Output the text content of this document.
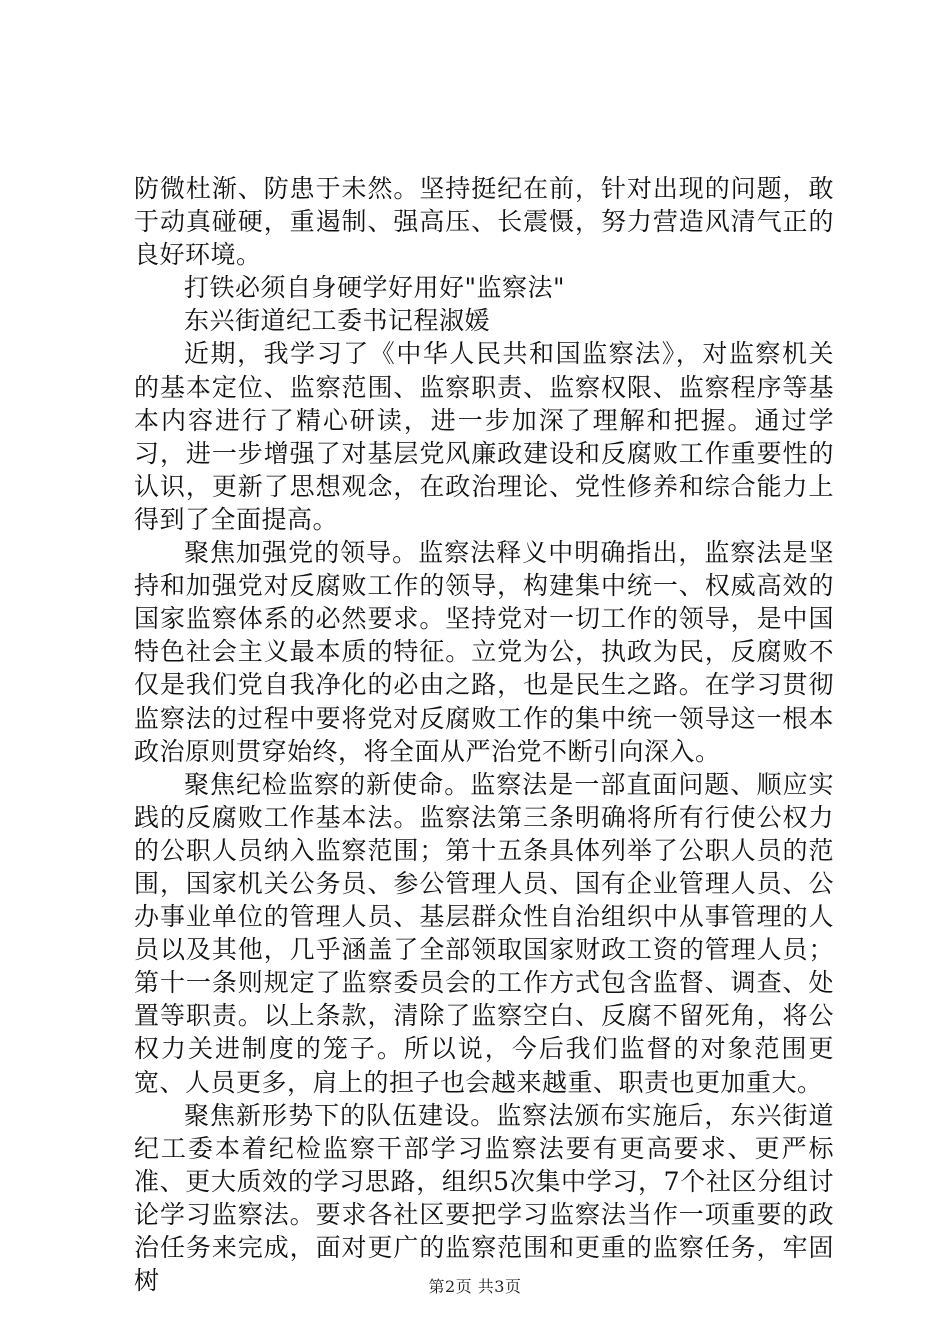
防微杜渐、防患于未然。坚持挺纪在前，针对出现的问题，敢于动真碰硬，重遏制、强高压、长震慑，努力营造风清气正的良好环境。

打铁必须自身硬学好用好"监察法"

东兴街道纪工委书记程淑媛

近期，我学习了《中华人民共和国监察法》，对监察机关的基本定位、监察范围、监察职责、监察权限、监察程序等基本内容进行了精心研读，进一步加深了理解和把握。通过学习，进一步增强了对基层党风廉政建设和反腐败工作重要性的认识，更新了思想观念，在政治理论、党性修养和综合能力上得到了全面提高。

聚焦加强党的领导。监察法释义中明确指出，监察法是坚持和加强党对反腐败工作的领导，构建集中统一、权威高效的国家监察体系的必然要求。坚持党对一切工作的领导，是中国特色社会主义最本质的特征。立党为公，执政为民，反腐败不仅是我们党自我净化的必由之路，也是民生之路。在学习贯彻监察法的过程中要将党对反腐败工作的集中统一领导这一根本政治原则贯穿始终，将全面从严治党不断引向深入。

聚焦纪检监察的新使命。监察法是一部直面问题、顺应实践的反腐败工作基本法。监察法第三条明确将所有行使公权力的公职人员纳入监察范围；第十五条具体列举了公职人员的范围，国家机关公务员、参公管理人员、国有企业管理人员、公办事业单位的管理人员、基层群众性自治组织中从事管理的人员以及其他，几乎涵盖了全部领取国家财政工资的管理人员；第十一条则规定了监察委员会的工作方式包含监督、调查、处置等职责。以上条款，清除了监察空白、反腐不留死角，将公权力关进制度的笼子。所以说，今后我们监督的对象范围更宽、人员更多，肩上的担子也会越来越重、职责也更加重大。

聚焦新形势下的队伍建设。监察法颁布实施后，东兴街道纪工委本着纪检监察干部学习监察法要有更高要求、更严标准、更大质效的学习思路，组织5次集中学习，7个社区分组讨论学习监察法。要求各社区要把学习监察法当作一项重要的政治任务来完成，面对更广的监察范围和更重的监察任务，牢固树	第2页 共3页
